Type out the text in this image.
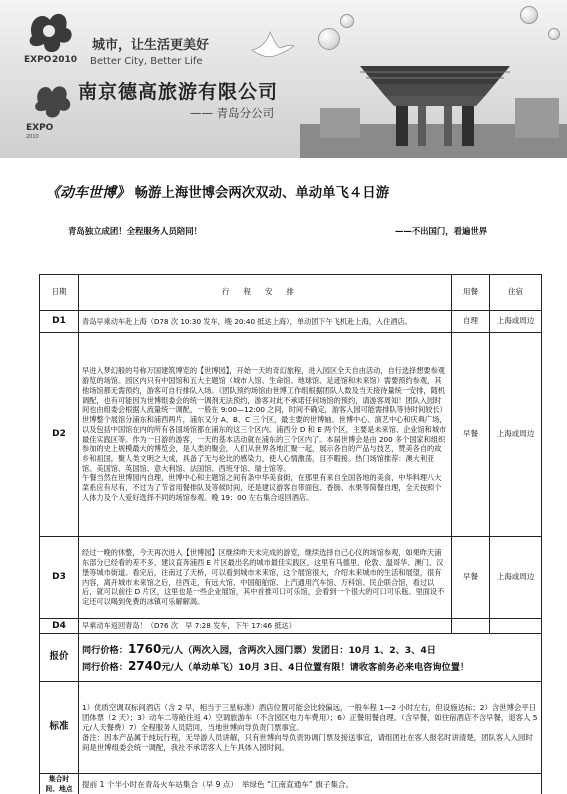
EXPO 2010
城市，让生活更美好
Better City, Better Life
EXPO
2010
南京德高旅游有限公司
—— 青岛分公司
《动车世博》 畅游上海世博会两次双动、单动单飞４日游
青岛独立成团！全程服务人员陪同！	——不出国门，看遍世界
日期	行程安排	用餐	住宿
D1	青岛早乘动车赴上海（D78 次 10:30 发车，晚 20:40 抵达上海），单动团下午飞机赴上海，入住酒店。	自理	上海或周边
D2	早进入梦幻般的号称万国建筑博览的【世博园】，开始一天的奇幻旅程，进入园区全天自由活动，自行选择想要参观游览的场馆。园区内只有中国馆和五大主题馆（城市人馆、生命馆、地球馆、足迹馆和未来馆）需要预约参观，其他场馆都无需预约，游客可自行排队入场。（团队预约场馆由世博工作组根据团队人数及当天接待量统一安排，随机调配，也有可能因为世博组委会的统一调剂无法预约，游客对此不承诺任何场馆的预约，请游客周知！团队入园时间也由组委会根据人流量统一调配，一般在 9:00—12:00 之间，时间不确定，游客入园可能需排队等待时间较长）世博整个展馆分浦东和浦西两片，浦东又分 A、B、C 三个区，最主要的世博轴、世博中心、演艺中心和庆典广场，以及包括中国馆在内的所有各国场馆都在浦东的这三个区内。浦西分 D 和 E 两个区，主要是未来馆、企业馆和城市最佳实践区等。作为一日游的游客，一天的基本活动就在浦东的三个区内了。本届世博会是由 200 多个国家和组织参加的史上规模最大的博览会，是人类的聚会，人们从世界各地汇聚一起，展示各自的产品与技艺，赞美各自的故乡和祖国，聚人类文明之大成，具备了无与伦比的感染力，使人心情激荡，目不暇接。热门场馆推荐：澳大利亚馆、美国馆、英国馆、意大利馆、法国馆、西班牙馆、瑞士馆等。
午餐当然在世博园内自理，世博中心和主题馆之间有条中华美食街，在那里有来自全国各地的美食，中华料理八大菜系应有尽有，不过为了节省用餐排队及等候时间，还是建议游客自带面包、香肠、水果等简餐自理，全天按照个人体力及个人爱好选择不同的场馆参观。晚 19：00 左右集合返回酒店。	早餐	上海或周边
D3	经过一晚的休整，今天再次进入【世博园】区继续昨天未完成的游览，继续选择自己心仪的场馆参观，如果昨天浦东部分已经看的差不多，建议直奔浦西 E 片区最出名的城市最佳实践区，这里有马德里、伦敦、温哥华、澳门、汉堡等城市街道。看完后，往南过了天桥，可以看到城市未来馆，这个展馆很大，介绍未来城市的生活和展望，很有内容，离开城市未来馆之后，往西走，有远大馆、中国船舶馆、上汽通用汽车馆、万科馆、民企联合馆，看过以后，就可以前往 D 片区，这里也是一些企业展馆，其中首推可口可乐馆，会看到一个很大的可口可乐瓶。里面设不定还可以喝到免费的冰镇可乐解解渴。	早餐	上海或周边
D4	早乘动车返回青岛！（D76 次　早 7:28 发车，下午 17:46 抵达）		
报价	同行价格：1760元/人（两次入园，含两次入园门票）发团日：10月 1、2、3、4日
同行价格：2740元/人（单动单飞）10月 3日、4日位置有限！请收客前务必来电咨询位置！		

标准	1）优质空调双标间酒店（含 2 早，相当于三星标准）酒店位置可能会比较偏远，一般车程 1—2 小时左右，但设施达标；2）含世博会平日团体票（2 天）；3）动车二等舱往返 4）空调旅游车（不含园区电力车费用）；6）正餐用餐自理。（含早餐，如住宿酒店不含早餐，退客人 5 元/人天餐费）7）全程服务人员陪同，当地世博向导负责门票事宜。
备注：因本产品属于纯玩行程，无导游人员讲解，只有世博向导负责协调门票及接送事宜，请组团社在客人报名时讲清楚，团队客人入园时间是世博组委会统一调配，我社不承诺客人上午具体入园时间。		

集合时间、地点	提前 1 个半小时在青岛火车站集合（早 9 点）　举绿色 “江南直通车” 旗子集合。		
